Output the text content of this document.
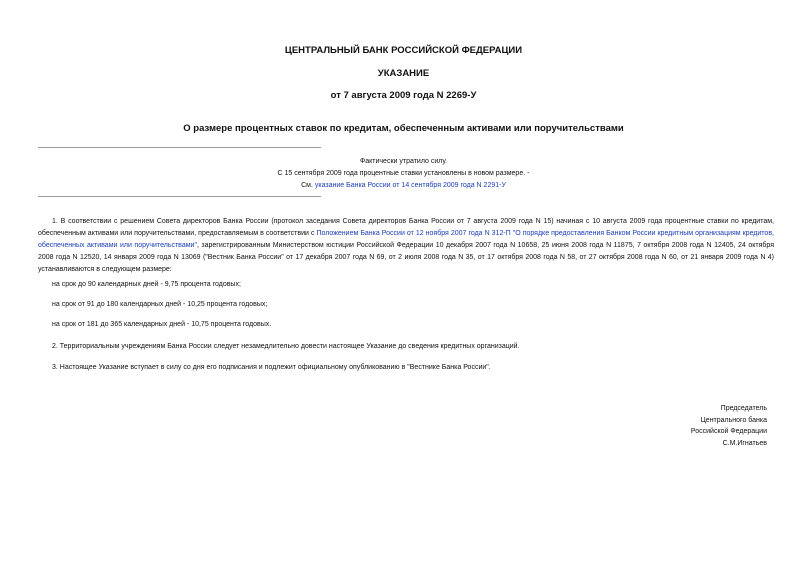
ЦЕНТРАЛЬНЫЙ БАНК РОССИЙСКОЙ ФЕДЕРАЦИИ
УКАЗАНИЕ
от 7 августа 2009 года N 2269-У
О размере процентных ставок по кредитам, обеспеченным активами или поручительствами
Фактически утратило силу.
С 15 сентября 2009 года процентные ставки установлены в новом размере. -
См. указание Банка России от 14 сентября 2009 года N 2291-У
1. В соответствии с решением Совета директоров Банка России (протокол заседания Совета директоров Банка России от 7 августа 2009 года N 15) начиная с 10 августа 2009 года процентные ставки по кредитам, обеспеченным активами или поручительствами, предоставляемым в соответствии с Положением Банка России от 12 ноября 2007 года N 312-П "О порядке предоставления Банком России кредитным организациям кредитов, обеспеченных активами или поручительствами", зарегистрированным Министерством юстиции Российской Федерации 10 декабря 2007 года N 10658, 25 июня 2008 года N 11875, 7 октября 2008 года N 12405, 24 октября 2008 года N 12520, 14 января 2009 года N 13069 ("Вестник Банка России" от 17 декабря 2007 года N 69, от 2 июля 2008 года N 35, от 17 октября 2008 года N 58, от 27 октября 2008 года N 60, от 21 января 2009 года N 4) устанавливаются в следующем размере:
на срок до 90 календарных дней - 9,75 процента годовых;
на срок от 91 до 180 календарных дней - 10,25 процента годовых;
на срок от 181 до 365 календарных дней - 10,75 процента годовых.
2. Территориальным учреждениям Банка России следует незамедлительно довести настоящее Указание до сведения кредитных организаций.
3. Настоящее Указание вступает в силу со дня его подписания и подлежит официальному опубликованию в "Вестнике Банка России".
Председатель
Центрального банка
Российской Федерации
С.М.Игнатьев
